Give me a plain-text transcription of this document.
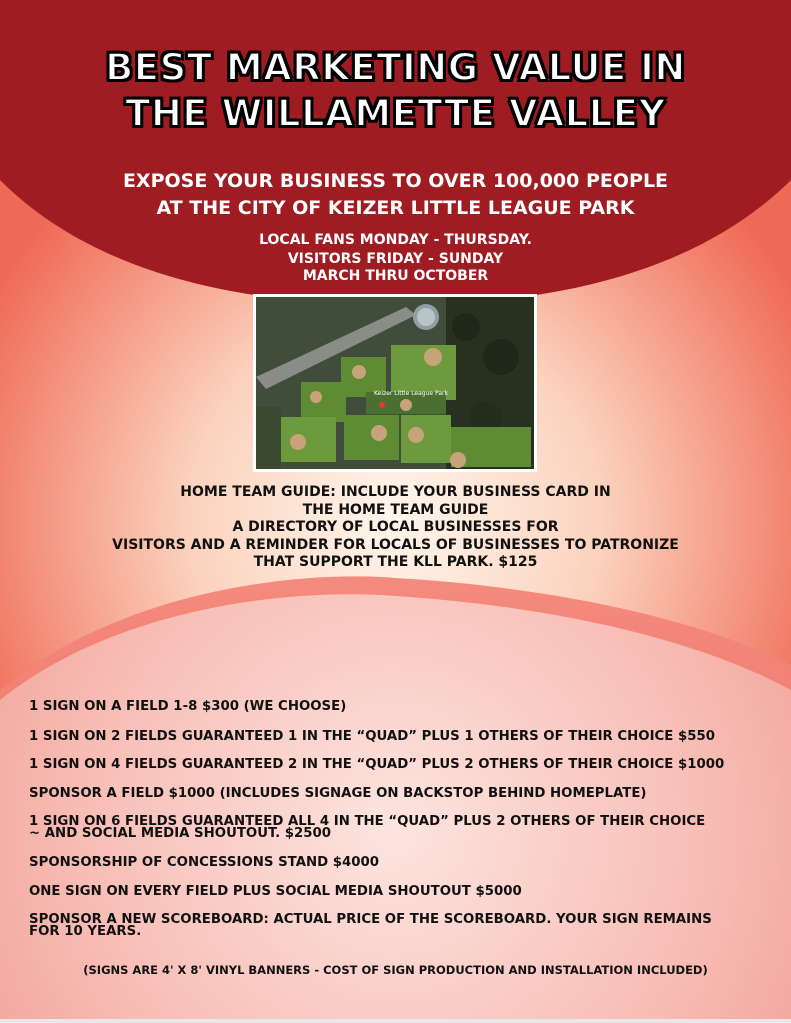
BEST MARKETING VALUE IN
THE WILLAMETTE VALLEY
EXPOSE YOUR BUSINESS TO OVER 100,000 PEOPLE
AT THE CITY OF KEIZER LITTLE LEAGUE PARK
LOCAL FANS MONDAY - THURSDAY.
VISITORS FRIDAY - SUNDAY
MARCH THRU OCTOBER
Keizer Little League Park
HOME TEAM GUIDE: INCLUDE YOUR BUSINESS CARD IN
THE HOME TEAM GUIDE
A DIRECTORY OF LOCAL BUSINESSES FOR
VISITORS AND A REMINDER FOR LOCALS OF BUSINESSES TO PATRONIZE
THAT SUPPORT THE KLL PARK. $125
1 SIGN ON A FIELD 1-8 $300 (WE CHOOSE)
1 SIGN ON 2 FIELDS GUARANTEED 1 IN THE “QUAD” PLUS 1 OTHERS OF THEIR CHOICE $550
1 SIGN ON 4 FIELDS GUARANTEED 2 IN THE “QUAD” PLUS 2 OTHERS OF THEIR CHOICE $1000
SPONSOR A FIELD $1000 (INCLUDES SIGNAGE ON BACKSTOP BEHIND HOMEPLATE)
1 SIGN ON 6 FIELDS GUARANTEED ALL 4 IN THE “QUAD” PLUS 2 OTHERS OF THEIR CHOICE
~ AND SOCIAL MEDIA SHOUTOUT. $2500
SPONSORSHIP OF CONCESSIONS STAND $4000
ONE SIGN ON EVERY FIELD PLUS SOCIAL MEDIA SHOUTOUT $5000
SPONSOR A NEW SCOREBOARD: ACTUAL PRICE OF THE SCOREBOARD. YOUR SIGN REMAINS
FOR 10 YEARS.
(SIGNS ARE 4' X 8' VINYL BANNERS - COST OF SIGN PRODUCTION AND INSTALLATION INCLUDED)
